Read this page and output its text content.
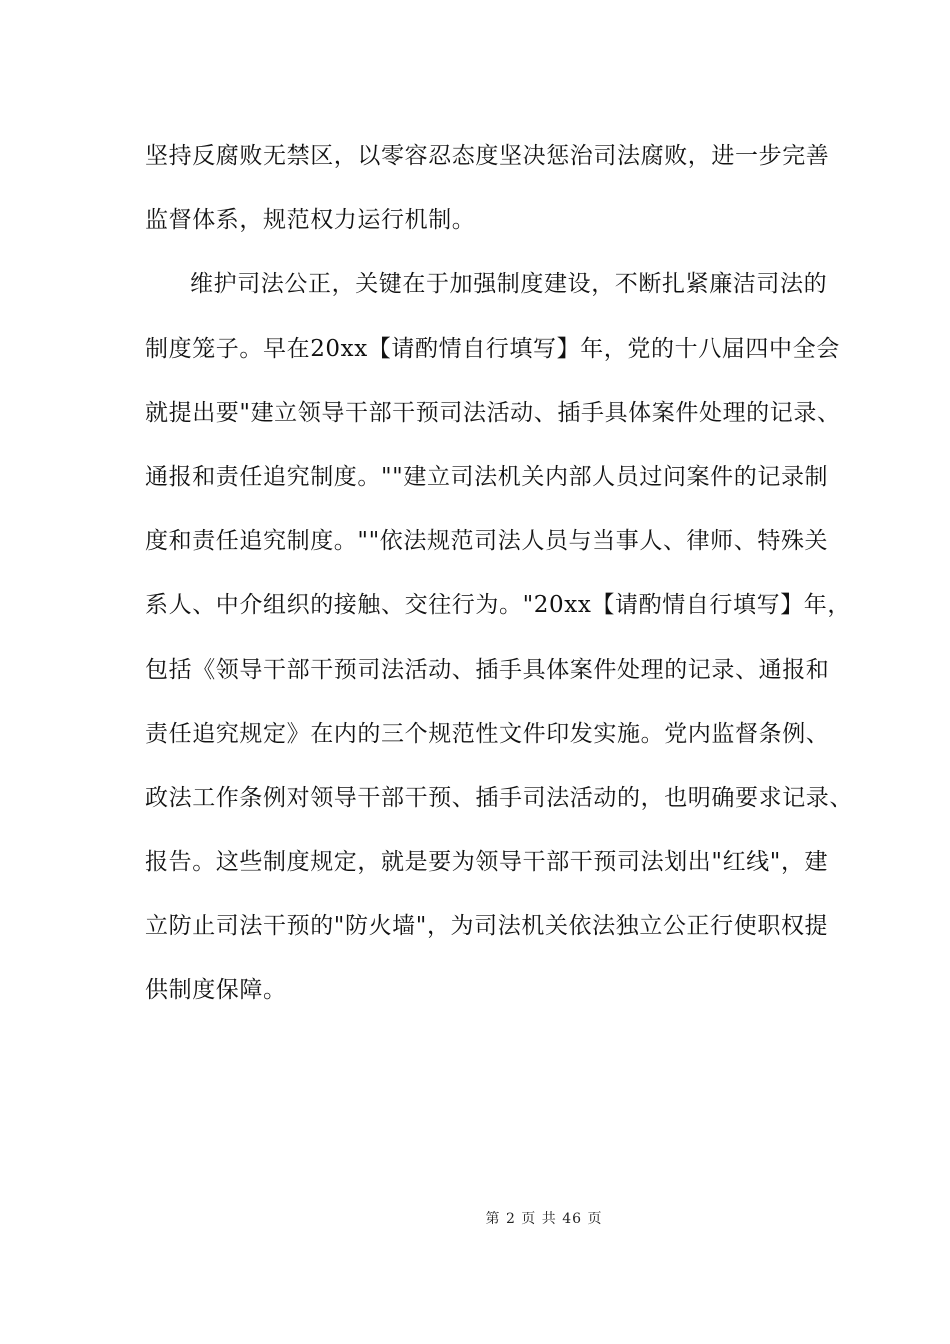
坚持反腐败无禁区，以零容忍态度坚决惩治司法腐败，进一步完善
监督体系，规范权力运行机制。
维护司法公正，关键在于加强制度建设，不断扎紧廉洁司法的
制度笼子。早在20xx【请酌情自行填写】年，党的十八届四中全会
就提出要"建立领导干部干预司法活动、插手具体案件处理的记录、
通报和责任追究制度。""建立司法机关内部人员过问案件的记录制
度和责任追究制度。""依法规范司法人员与当事人、律师、特殊关
系人、中介组织的接触、交往行为。"20xx【请酌情自行填写】年，
包括《领导干部干预司法活动、插手具体案件处理的记录、通报和
责任追究规定》在内的三个规范性文件印发实施。党内监督条例、
政法工作条例对领导干部干预、插手司法活动的，也明确要求记录、
报告。这些制度规定，就是要为领导干部干预司法划出"红线"，建
立防止司法干预的"防火墙"，为司法机关依法独立公正行使职权提
供制度保障。
第 2 页 共 46 页
